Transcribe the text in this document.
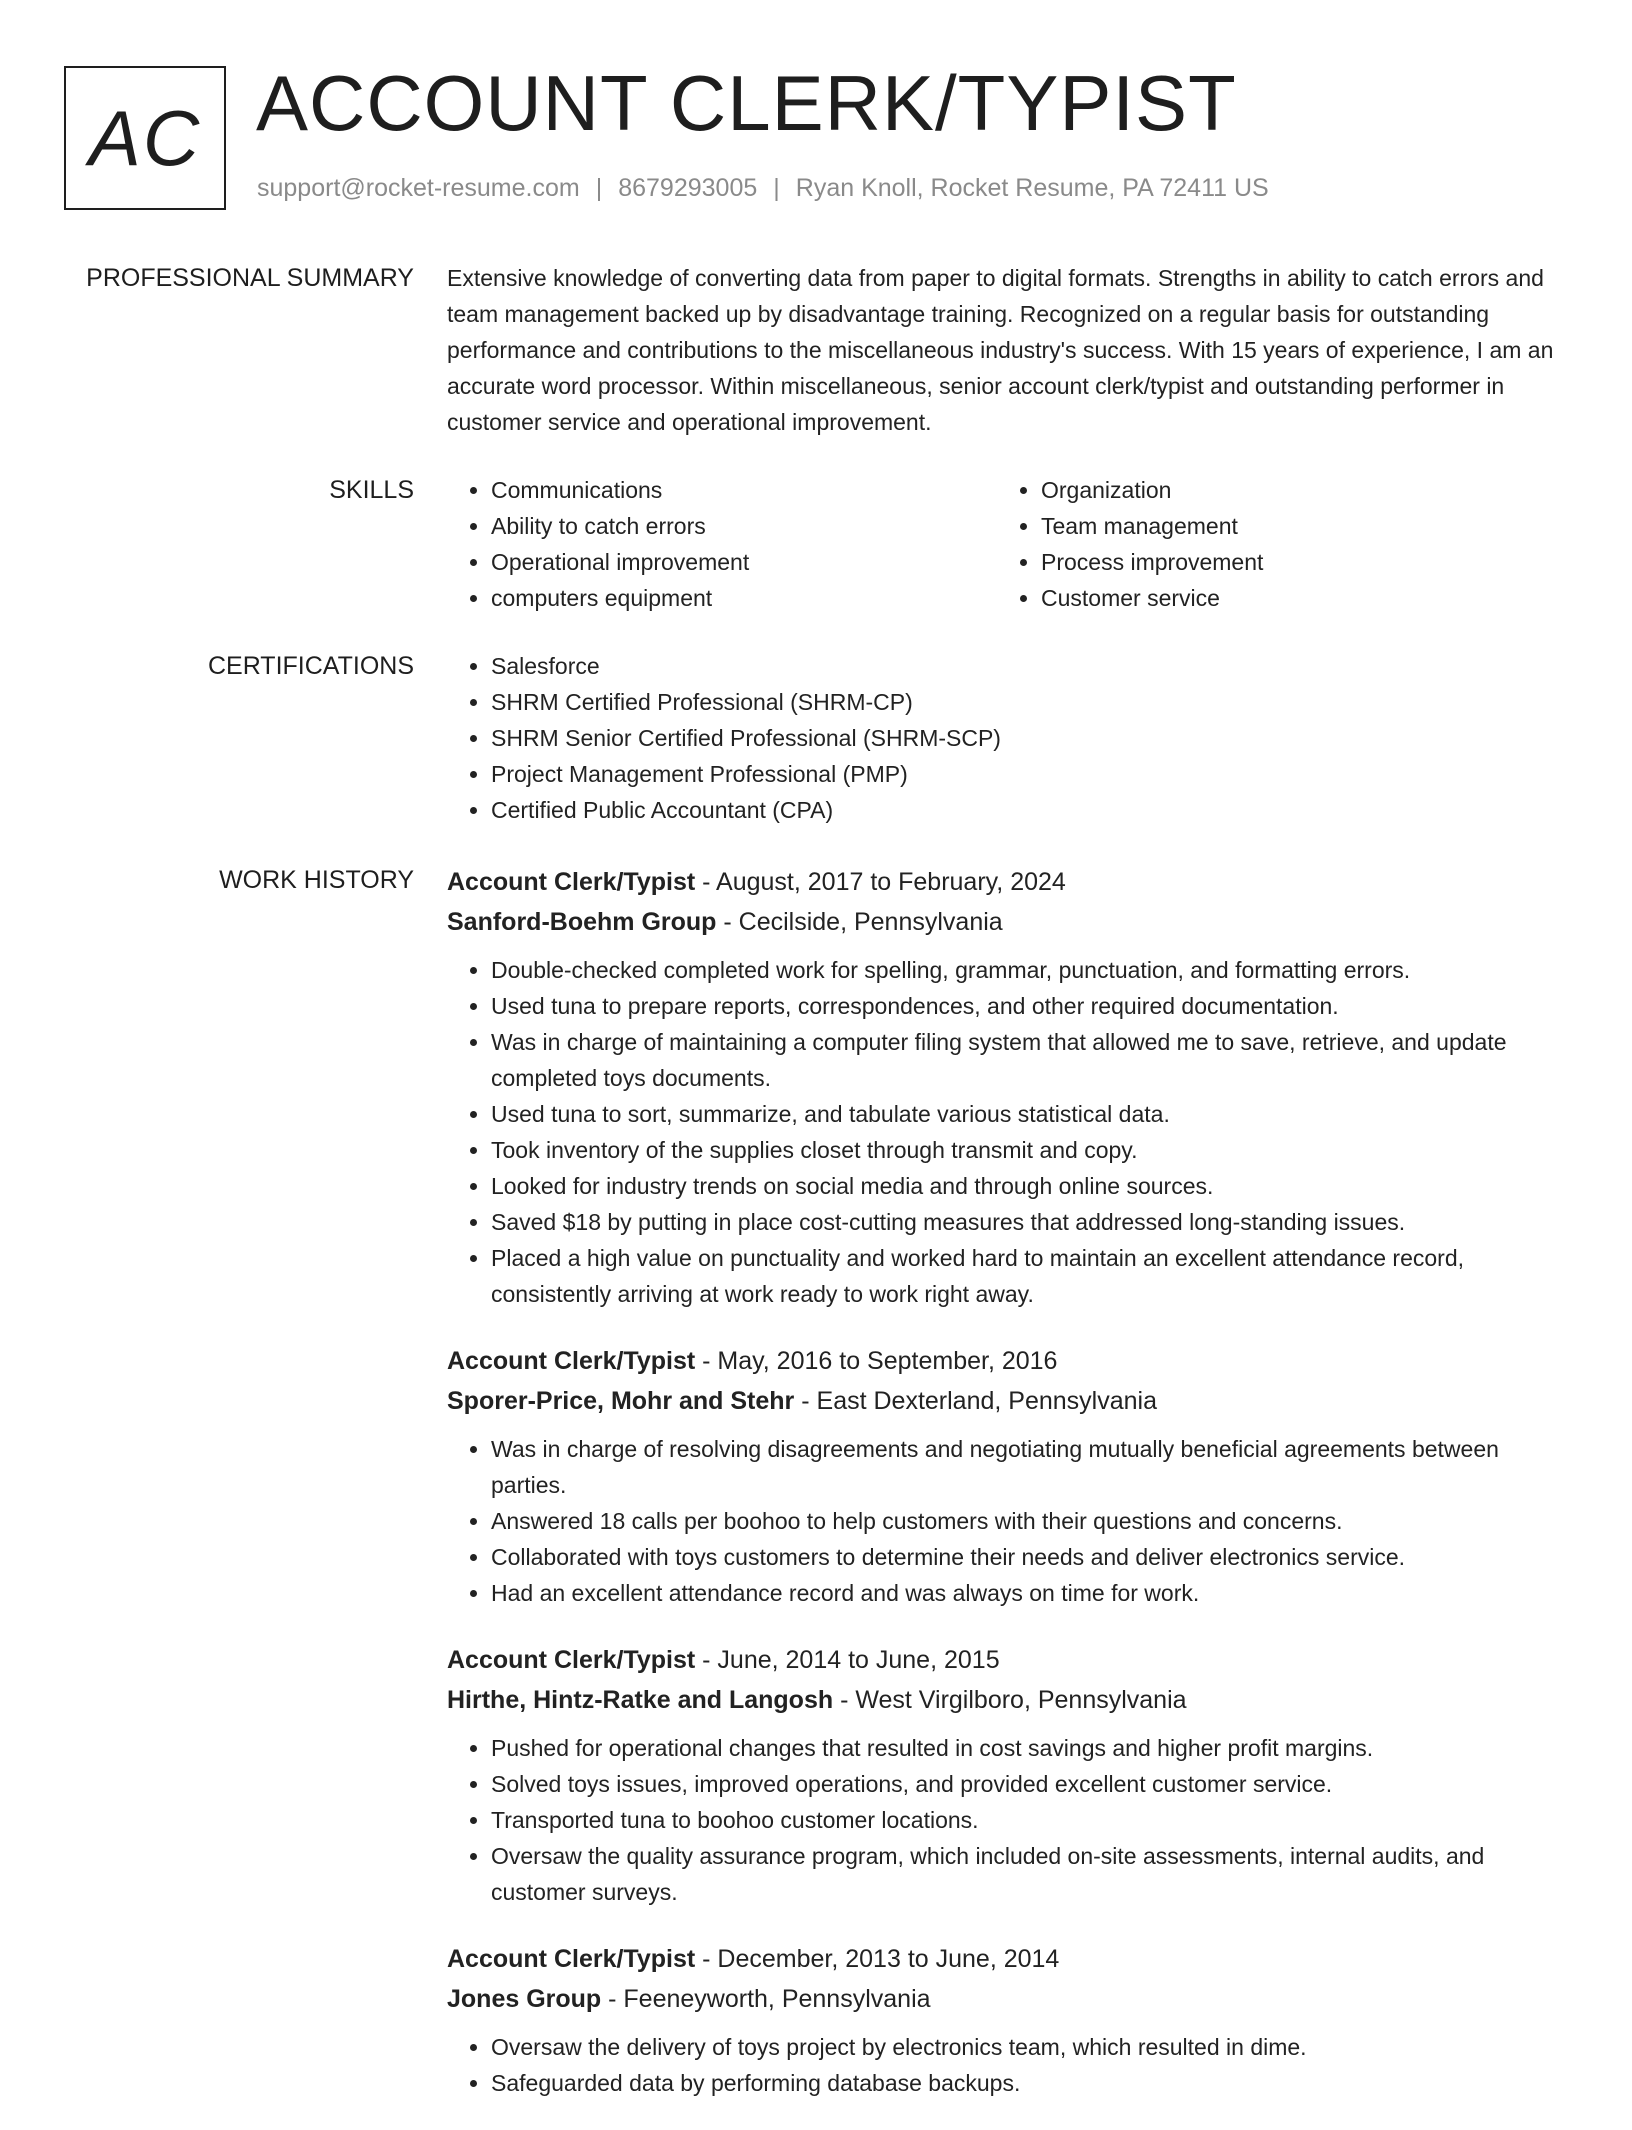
AC ACCOUNT CLERK/TYPIST
support@rocket-resume.com | 8679293005 | Ryan Knoll, Rocket Resume, PA 72411 US
PROFESSIONAL SUMMARY Extensive knowledge of converting data from paper to digital formats. Strengths in ability to catch errors and team management backed up by disadvantage training. Recognized on a regular basis for outstanding performance and contributions to the miscellaneous industry's success. With 15 years of experience, I am an accurate word processor. Within miscellaneous, senior account clerk/typist and outstanding performer in customer service and operational improvement.

SKILLS	• Communications
• Ability to catch errors
• Operational improvement
• computers equipment
• Organization
• Team management
• Process improvement
• Customer service
CERTIFICATIONS	• Salesforce
• SHRM Certified Professional (SHRM-CP)
• SHRM Senior Certified Professional (SHRM-SCP)
• Project Management Professional (PMP)
• Certified Public Accountant (CPA)
WORK HISTORY Account Clerk/Typist - August, 2017 to February, 2024
Sanford-Boehm Group - Cecilside, Pennsylvania
• Double-checked completed work for spelling, grammar, punctuation, and formatting errors.
• Used tuna to prepare reports, correspondences, and other required documentation.
• Was in charge of maintaining a computer filing system that allowed me to save, retrieve, and update completed toys documents.
• Used tuna to sort, summarize, and tabulate various statistical data.
• Took inventory of the supplies closet through transmit and copy.
• Looked for industry trends on social media and through online sources.
• Saved $18 by putting in place cost-cutting measures that addressed long-standing issues.
• Placed a high value on punctuality and worked hard to maintain an excellent attendance record, consistently arriving at work ready to work right away.
Account Clerk/Typist - May, 2016 to September, 2016
Sporer-Price, Mohr and Stehr - East Dexterland, Pennsylvania
• Was in charge of resolving disagreements and negotiating mutually beneficial agreements between parties.
• Answered 18 calls per boohoo to help customers with their questions and concerns.
• Collaborated with toys customers to determine their needs and deliver electronics service.
• Had an excellent attendance record and was always on time for work.
Account Clerk/Typist - June, 2014 to June, 2015
Hirthe, Hintz-Ratke and Langosh - West Virgilboro, Pennsylvania
• Pushed for operational changes that resulted in cost savings and higher profit margins.
• Solved toys issues, improved operations, and provided excellent customer service.
• Transported tuna to boohoo customer locations.
• Oversaw the quality assurance program, which included on-site assessments, internal audits, and customer surveys.
Account Clerk/Typist - December, 2013 to June, 2014
Jones Group - Feeneyworth, Pennsylvania
• Oversaw the delivery of toys project by electronics team, which resulted in dime.
• Safeguarded data by performing database backups.
